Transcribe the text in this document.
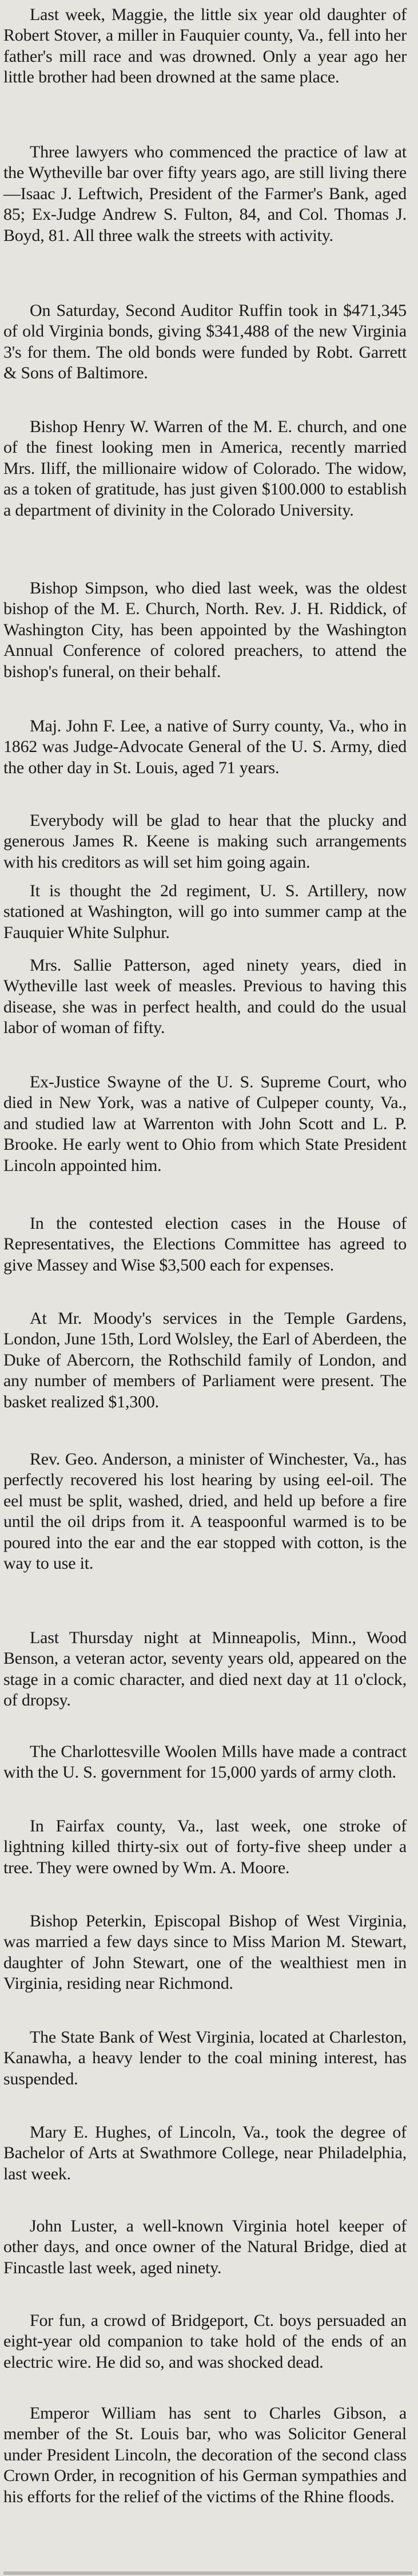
Last week, Maggie, the little six year old daughter of Robert Stover, a miller in Fauquier county, Va., fell into her father's mill race and was drowned. Only a year ago her little brother had been drowned at the same place.

Three lawyers who commenced the practice of law at the Wytheville bar over fifty years ago, are still living there—Isaac J. Leftwich, President of the Farmer's Bank, aged 85; Ex-Judge Andrew S. Fulton, 84, and Col. Thomas J. Boyd, 81. All three walk the streets with activity.

On Saturday, Second Auditor Ruffin took in $471,345 of old Virginia bonds, giving $341,488 of the new Virginia 3's for them. The old bonds were funded by Robt. Garrett & Sons of Baltimore.

Bishop Henry W. Warren of the M. E. church, and one of the finest looking men in America, recently married Mrs. Iliff, the millionaire widow of Colorado. The widow, as a token of gratitude, has just given $100.000 to establish a department of divinity in the Colorado University.

Bishop Simpson, who died last week, was the oldest bishop of the M. E. Church, North. Rev. J. H. Riddick, of Washington City, has been appointed by the Washington Annual Conference of colored preachers, to attend the bishop's funeral, on their behalf.

Maj. John F. Lee, a native of Surry county, Va., who in 1862 was Judge-Advocate General of the U. S. Army, died the other day in St. Louis, aged 71 years.

Everybody will be glad to hear that the plucky and generous James R. Keene is making such arrangements with his creditors as will set him going again.

It is thought the 2d regiment, U. S. Artillery, now stationed at Washington, will go into summer camp at the Fauquier White Sulphur.

Mrs. Sallie Patterson, aged ninety years, died in Wytheville last week of measles. Previous to having this disease, she was in perfect health, and could do the usual labor of woman of fifty.

Ex-Justice Swayne of the U. S. Supreme Court, who died in New York, was a native of Culpeper county, Va., and studied law at Warrenton with John Scott and L. P. Brooke. He early went to Ohio from which State President Lincoln appointed him.

In the contested election cases in the House of Representatives, the Elections Committee has agreed to give Massey and Wise $3,500 each for expenses.

At Mr. Moody's services in the Temple Gardens, London, June 15th, Lord Wolsley, the Earl of Aberdeen, the Duke of Abercorn, the Rothschild family of London, and any number of members of Parliament were present. The basket realized $1,300.

Rev. Geo. Anderson, a minister of Winchester, Va., has perfectly recovered his lost hearing by using eel-oil. The eel must be split, washed, dried, and held up before a fire until the oil drips from it. A teaspoonful warmed is to be poured into the ear and the ear stopped with cotton, is the way to use it.

Last Thursday night at Minneapolis, Minn., Wood Benson, a veteran actor, seventy years old, appeared on the stage in a comic character, and died next day at 11 o'clock, of dropsy.

The Charlottesville Woolen Mills have made a contract with the U. S. government for 15,000 yards of army cloth.

In Fairfax county, Va., last week, one stroke of lightning killed thirty-six out of forty-five sheep under a tree. They were owned by Wm. A. Moore.

Bishop Peterkin, Episcopal Bishop of West Virginia, was married a few days since to Miss Marion M. Stewart, daughter of John Stewart, one of the wealthiest men in Virginia, residing near Richmond.

The State Bank of West Virginia, located at Charleston, Kanawha, a heavy lender to the coal mining interest, has suspended.

Mary E. Hughes, of Lincoln, Va., took the degree of Bachelor of Arts at Swathmore College, near Philadelphia, last week.

John Luster, a well-known Virginia hotel keeper of other days, and once owner of the Natural Bridge, died at Fincastle last week, aged ninety.

For fun, a crowd of Bridgeport, Ct. boys persuaded an eight-year old companion to take hold of the ends of an electric wire. He did so, and was shocked dead.

Emperor William has sent to Charles Gibson, a member of the St. Louis bar, who was Solicitor General under President Lincoln, the decoration of the second class Crown Order, in recognition of his German sympathies and his efforts for the relief of the victims of the Rhine floods.
